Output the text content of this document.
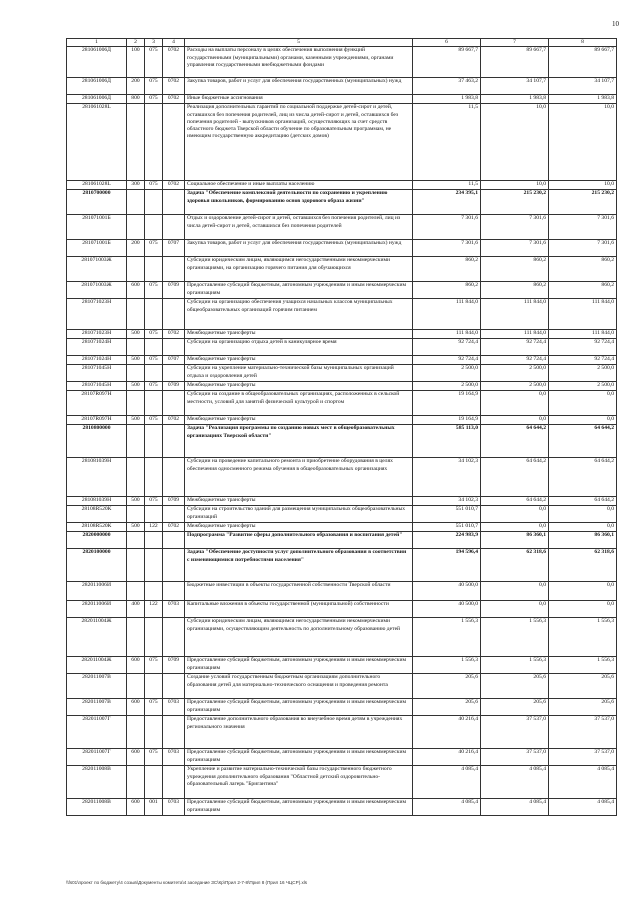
10
1	2	3	4	5	6	7	8
281061006Д	100	075	0702	Расходы на выплаты персоналу в целях обеспечения выполнения функций государственными (муниципальными) органами, казенными учреждениями, органами управления государственными внебюджетными фондами	89 667,7	89 667,7	89 667,7
281061006Д	200	075	0702	Закупка товаров, работ и услуг для обеспечения государственных (муниципальных) нужд	37 463,2	34 107,7	34 107,7
281061006Д	800	075	0702	Иные бюджетные ассигнования	1 983,8	1 983,8	1 983,8
281061028L				Реализация дополнительных гарантий по социальной поддержке детей-сирот и детей, оставшихся без попечения родителей, лиц из числа детей-сирот и детей, оставшихся без попечения родителей - выпускников организаций, осуществляющих за счет средств областного бюджета Тверской области обучение по образовательным программам, не имеющим государственную аккредитацию (детских домов)	11,5	10,0	10,0
281061028L	300	075	0702	Социальное обеспечение и иные выплаты населению	11,5	10,0	10,0
2810700000				Задача "Обеспечение комплексной деятельности по сохранению и укреплению здоровья школьников, формированию основ здорового образа жизни"	234 395,1	215 230,2	215 230,2
281071001Б				Отдых и оздоровление детей-сирот и детей, оставшихся без попечения родителей, лиц из числа детей-сирот и детей, оставшихся без попечения родителей	7 301,6	7 301,6	7 301,6
281071001Б	200	075	0707	Закупка товаров, работ и услуг для обеспечения государственных (муниципальных) нужд	7 301,6	7 301,6	7 301,6
281071003Ж				Субсидии юридическим лицам, являющимся негосударственными некоммерческими организациями, на организацию горячего питания для обучающихся	860,2	860,2	860,2
281071003Ж	600	075	0709	Предоставление субсидий бюджетным, автономным учреждениям и иным некоммерческим организациям	860,2	860,2	860,2
281071023Н				Субсидии на организацию обеспечения учащихся начальных классов муниципальных общеобразовательных организаций горячим питанием	111 844,0	111 844,0	111 844,0
281071023Н	500	075	0702	Межбюджетные трансферты	111 844,0	111 844,0	111 844,0
281071024Н				Субсидии на организацию отдыха детей в каникулярное время	92 724,4	92 724,4	92 724,4
281071024Н	500	075	0707	Межбюджетные трансферты	92 724,4	92 724,4	92 724,4
281071045Н				Субсидии на укрепление материально-технической базы муниципальных организаций отдыха и оздоровления детей	2 500,0	2 500,0	2 500,0
281071045Н	500	075	0709	Межбюджетные трансферты	2 500,0	2 500,0	2 500,0
28107R097Н				Субсидии на создание в общеобразовательных организациях, расположенных в сельской местности, условий для занятий физической культурой и спортом	19 164,9	0,0	0,0
28107R097Н	500	075	0702	Межбюджетные трансферты	19 164,9	0,0	0,0
2810800000				Задача "Реализация программы по созданию новых мест в общеобразовательных организациях Тверской области"	585 113,0	64 644,2	64 644,2
281081039Н				Субсидии на проведение капитального ремонта и приобретение оборудования в целях обеспечения односменного режима обучения в общеобразовательных организациях	34 102,3	64 644,2	64 644,2
281081039Н	500	075	0709	Межбюджетные трансферты	34 102,3	64 644,2	64 644,2
28108R520К				Субсидии на строительство зданий для размещения муниципальных общеобразовательных организаций	551 010,7	0,0	0,0
28108R520К	500	122	0702	Межбюджетные трансферты	551 010,7	0,0	0,0
2820000000				Подпрограмма "Развитие сферы дополнительного образования и воспитания детей"	224 983,9	86 360,1	86 360,1
2820100000				Задача "Обеспечение доступности услуг дополнительного образования в соответствии с изменяющимися потребностями населения"	194 596,4	62 318,6	62 318,6
282011006И				Бюджетные инвестиции в объекты государственной собственности Тверской области	40 500,0	0,0	0,0
282011006И	400	122	0703	Капитальные вложения в объекты государственной (муниципальной) собственности	40 500,0	0,0	0,0
282011004Ж				Субсидии юридическим лицам, являющимся негосударственными некоммерческими организациями, осуществляющим деятельность по дополнительному образованию детей	1 556,3	1 556,3	1 556,3
282011004Ж	600	075	0709	Предоставление субсидий бюджетным, автономным учреждениям и иным некоммерческим организациям	1 556,3	1 556,3	1 556,3
282011007В				Создание условий государственным бюджетным организациям дополнительного образования детей для материально-технического оснащения и проведения ремонта	205,6	205,6	205,6
282011007В	600	075	0703	Предоставление субсидий бюджетным, автономным учреждениям и иным некоммерческим организациям	205,6	205,6	205,6
282011007Г				Предоставление дополнительного образования во внеучебное время детям в учреждениях регионального значения	40 216,4	37 537,0	37 537,0
282011007Г	600	075	0703	Предоставление субсидий бюджетным, автономным учреждениям и иным некоммерческим организациям	40 216,4	37 537,0	37 537,0
282011008В				Укрепление и развитие материально-технической базы государственного бюджетного учреждения дополнительного образования "Областной детский оздоровительно-образовательный лагерь "Бригантина"	4 085,4	4 085,4	4 085,4
282011008В	600	001	0703	Предоставление субсидий бюджетным, автономным учреждениям и иным некоммерческим организациям	4 085,4	4 085,4	4 085,4
\\fs01\проект по бюджету\4 созыв\Документы комитета\4 заседание ЗС\Кр\Прил 2-7-8\Прил 8 (Прил 16 ЧЦСР).xls
